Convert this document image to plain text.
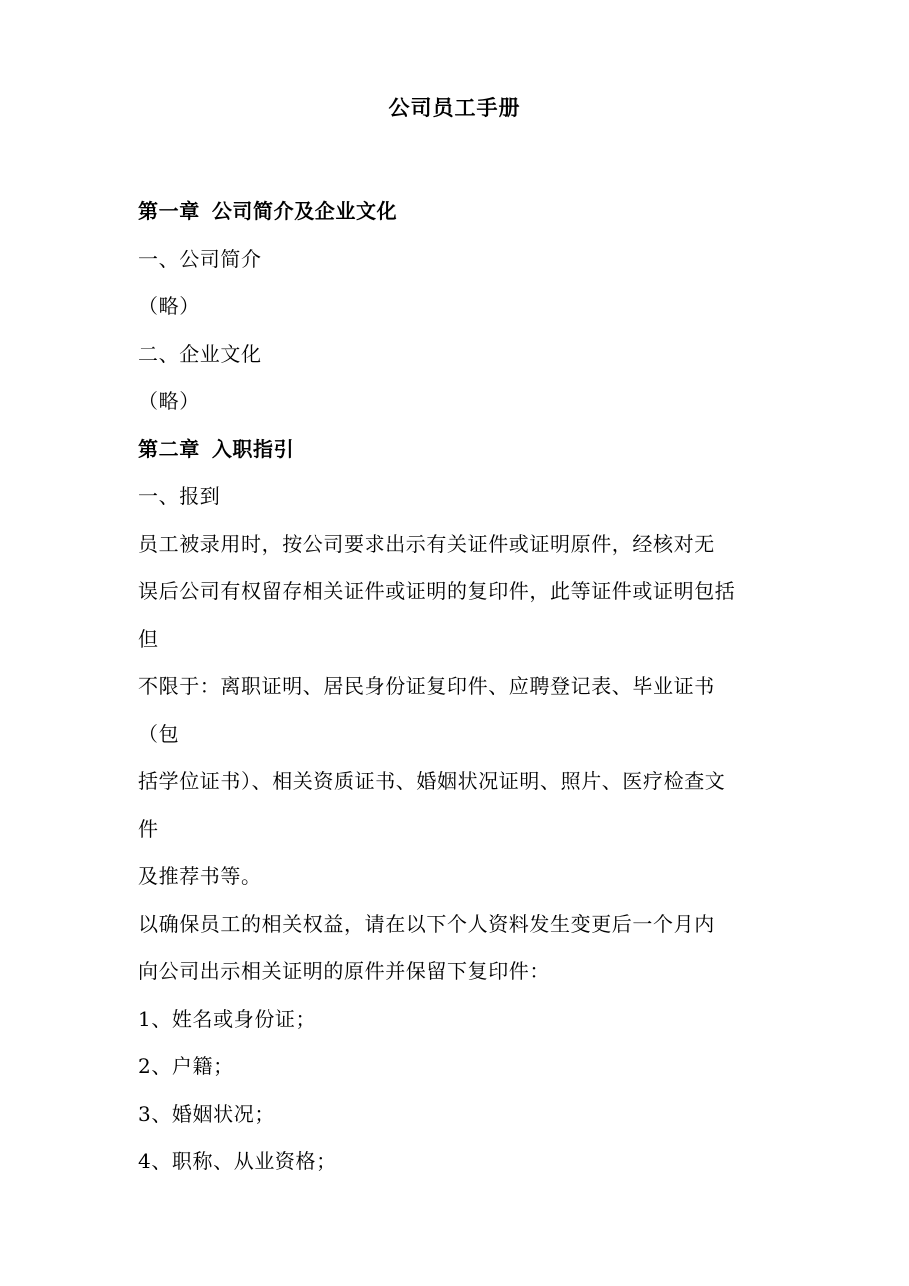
公司员工手册
第一章 公司简介及企业文化
一、公司简介
（略）
二、企业文化
（略）
第二章 入职指引
一、报到
员工被录用时，按公司要求出示有关证件或证明原件，经核对无
误后公司有权留存相关证件或证明的复印件，此等证件或证明包括
但
不限于：离职证明、居民身份证复印件、应聘登记表、毕业证书
（包
括学位证书）、相关资质证书、婚姻状况证明、照片、医疗检查文
件
及推荐书等。
以确保员工的相关权益，请在以下个人资料发生变更后一个月内
向公司出示相关证明的原件并保留下复印件：
1、姓名或身份证；
2、户籍；
3、婚姻状况；
4、职称、从业资格；
